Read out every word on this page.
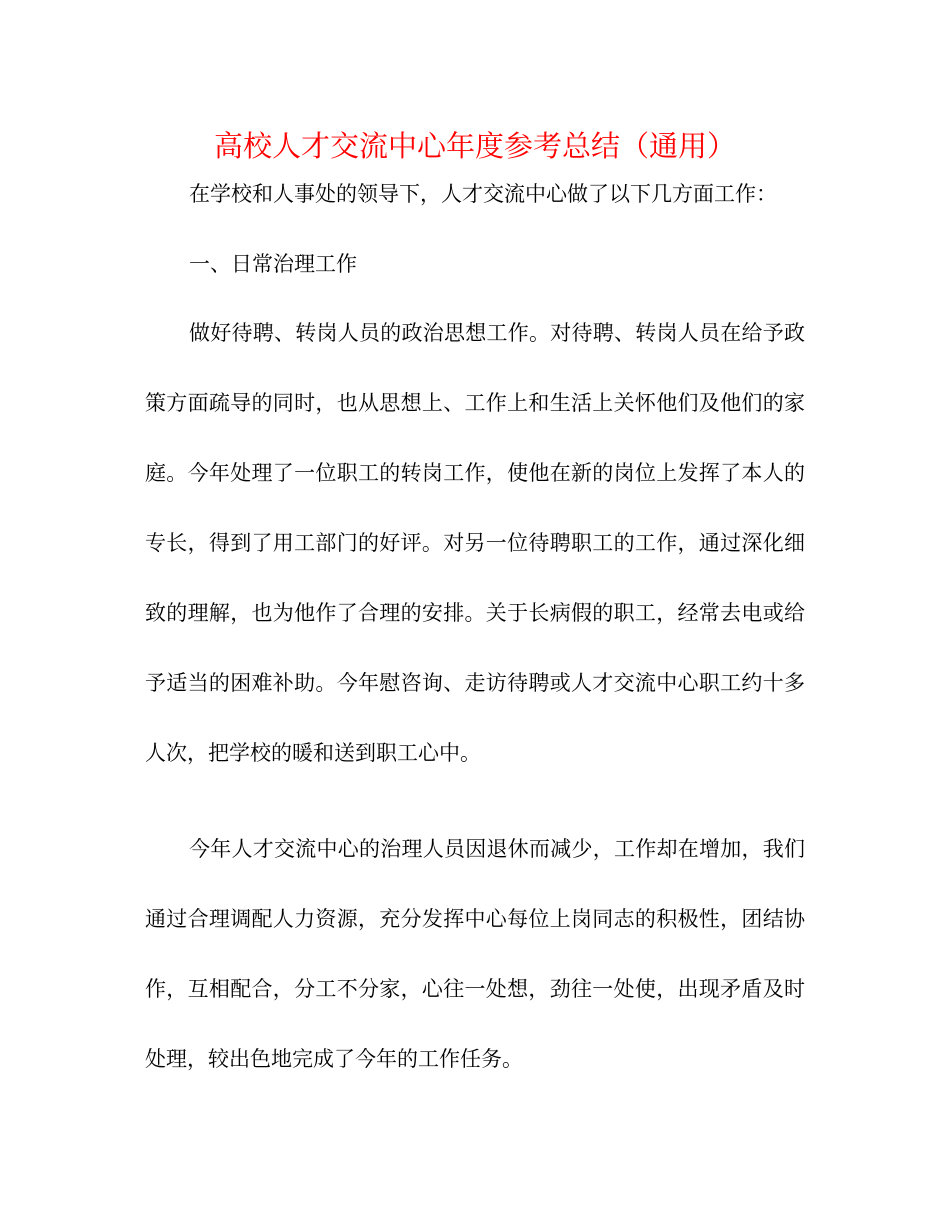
高校人才交流中心年度参考总结（通用）

在学校和人事处的领导下，人才交流中心做了以下几方面工作：

一、日常治理工作

做好待聘、转岗人员的政治思想工作。对待聘、转岗人员在给予政策方面疏导的同时，也从思想上、工作上和生活上关怀他们及他们的家庭。今年处理了一位职工的转岗工作，使他在新的岗位上发挥了本人的专长，得到了用工部门的好评。对另一位待聘职工的工作，通过深化细致的理解，也为他作了合理的安排。关于长病假的职工，经常去电或给予适当的困难补助。今年慰咨询、走访待聘或人才交流中心职工约十多人次，把学校的暖和送到职工心中。

今年人才交流中心的治理人员因退休而减少，工作却在增加，我们通过合理调配人力资源，充分发挥中心每位上岗同志的积极性，团结协作，互相配合，分工不分家，心往一处想，劲往一处使，出现矛盾及时处理，较出色地完成了今年的工作任务。
